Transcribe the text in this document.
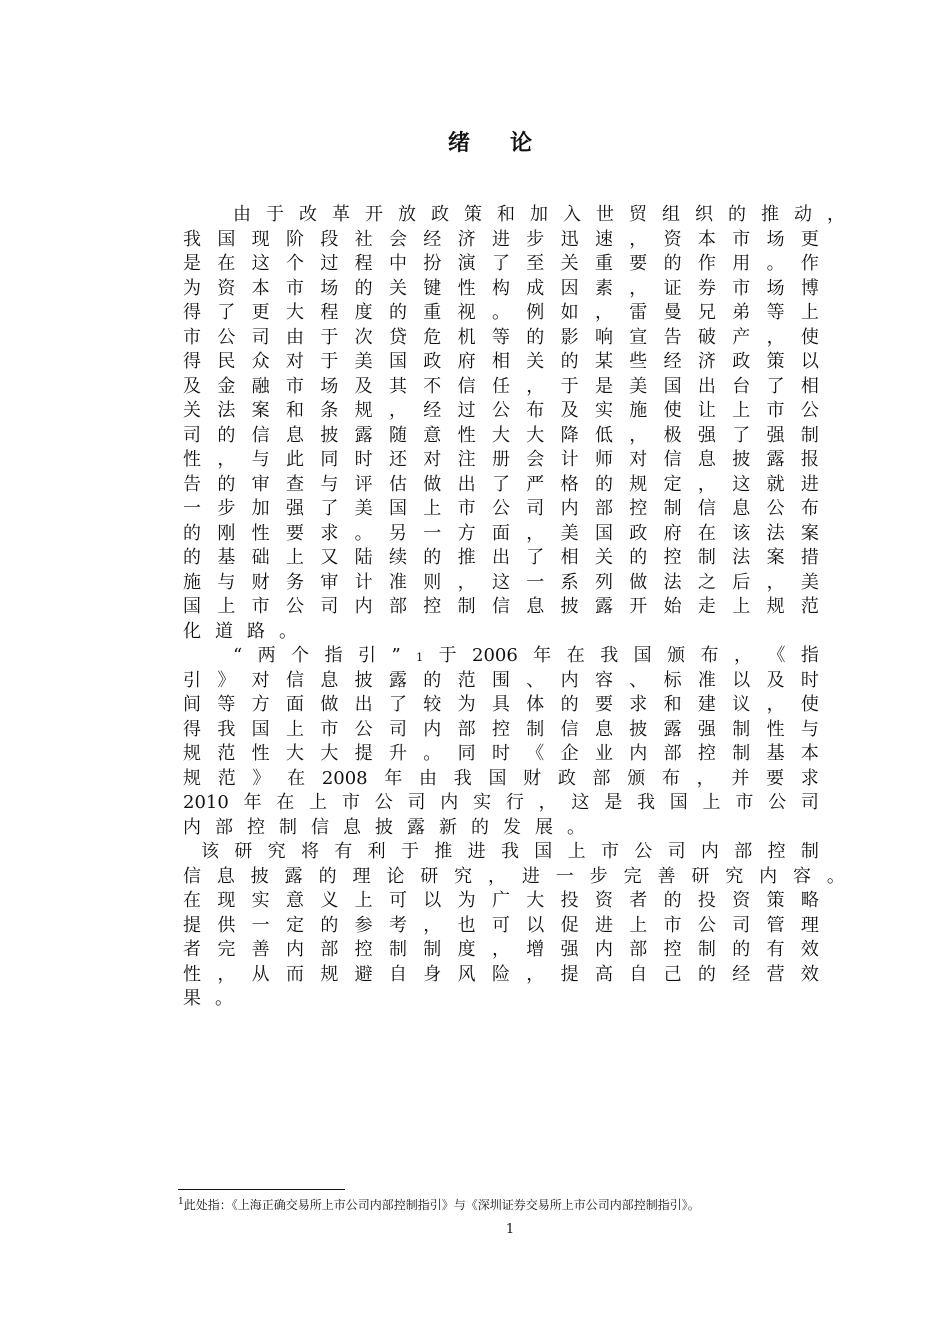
绪论
由 于 改 革 开 放 政 策 和 加 入 世 贸 组 织 的 推 动 ，
我 国 现 阶 段 社 会 经 济 进 步 迅 速 ， 资 本 市 场 更
是 在 这 个 过 程 中 扮 演 了 至 关 重 要 的 作 用 。 作
为 资 本 市 场 的 关 键 性 构 成 因 素 ， 证 券 市 场 博
得 了 更 大 程 度 的 重 视 。 例 如 ， 雷 曼 兄 弟 等 上
市 公 司 由 于 次 贷 危 机 等 的 影 响 宣 告 破 产 ， 使
得 民 众 对 于 美 国 政 府 相 关 的 某 些 经 济 政 策 以
及 金 融 市 场 及 其 不 信 任 ， 于 是 美 国 出 台 了 相
关 法 案 和 条 规 ， 经 过 公 布 及 实 施 使 让 上 市 公
司 的 信 息 披 露 随 意 性 大 大 降 低 ， 极 强 了 强 制
性 ， 与 此 同 时 还 对 注 册 会 计 师 对 信 息 披 露 报
告 的 审 查 与 评 估 做 出 了 严 格 的 规 定 ， 这 就 进
一 步 加 强 了 美 国 上 市 公 司 内 部 控 制 信 息 公 布
的 刚 性 要 求 。 另 一 方 面 ， 美 国 政 府 在 该 法 案
的 基 础 上 又 陆 续 的 推 出 了 相 关 的 控 制 法 案 措
施 与 财 务 审 计 准 则 ， 这 一 系 列 做 法 之 后 ， 美
国 上 市 公 司 内 部 控 制 信 息 披 露 开 始 走 上 规 范
化 道 路 。
“ 两 个 指 引 ” 1 于 2006 年 在 我 国 颁 布 ， 《 指
引 》 对 信 息 披 露 的 范 围 、 内 容 、 标 准 以 及 时
间 等 方 面 做 出 了 较 为 具 体 的 要 求 和 建 议 ， 使
得 我 国 上 市 公 司 内 部 控 制 信 息 披 露 强 制 性 与
规 范 性 大 大 提 升 。 同 时 《 企 业 内 部 控 制 基 本
规 范 》 在 2008 年 由 我 国 财 政 部 颁 布 ， 并 要 求
2010 年 在 上 市 公 司 内 实 行 ， 这 是 我 国 上 市 公 司
内 部 控 制 信 息 披 露 新 的 发 展 。
该 研 究 将 有 利 于 推 进 我 国 上 市 公 司 内 部 控 制
信 息 披 露 的 理 论 研 究 ， 进 一 步 完 善 研 究 内 容 。
在 现 实 意 义 上 可 以 为 广 大 投 资 者 的 投 资 策 略
提 供 一 定 的 参 考 ， 也 可 以 促 进 上 市 公 司 管 理
者 完 善 内 部 控 制 制 度 ， 增 强 内 部 控 制 的 有 效
性 ， 从 而 规 避 自 身 风 险 ， 提 高 自 己 的 经 营 效
果 。
$^1$此处指：《上海正确交易所上市公司内部控制指引》与《深圳证券交易所上市公司内部控制指引》。
1
